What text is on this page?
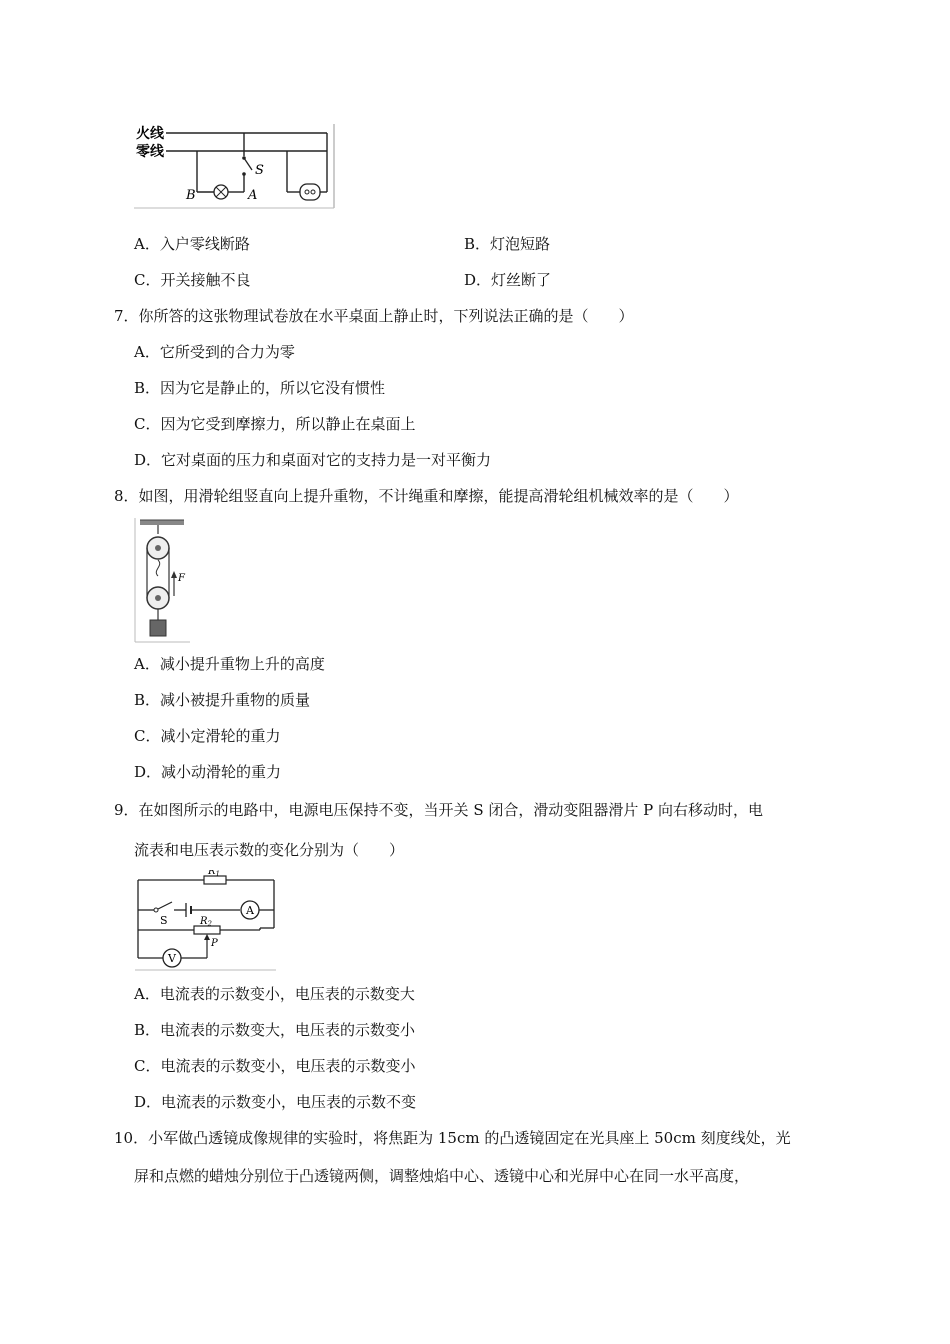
火线
零线
S
B	A
A．入户零线断路	B．灯泡短路
C．开关接触不良	D．灯丝断了
7．你所答的这张物理试卷放在水平桌面上静止时，下列说法正确的是（　　）
A．它所受到的合力为零
B．因为它是静止的，所以它没有惯性
C．因为它受到摩擦力，所以静止在桌面上
D．它对桌面的压力和桌面对它的支持力是一对平衡力
8．如图，用滑轮组竖直向上提升重物，不计绳重和摩擦，能提高滑轮组机械效率的是（　　）
F
A．减小提升重物上升的高度
B．减小被提升重物的质量
C．减小定滑轮的重力
D．减小动滑轮的重力
9．在如图所示的电路中，电源电压保持不变，当开关 S 闭合，滑动变阻器滑片 P 向右移动时，电
流表和电压表示数的变化分别为（　　）
$R_1$
S
A
$R_2$
P
V
A．电流表的示数变小，电压表的示数变大
B．电流表的示数变大，电压表的示数变小
C．电流表的示数变小，电压表的示数变小
D．电流表的示数变小，电压表的示数不变
10．小军做凸透镜成像规律的实验时，将焦距为 15cm 的凸透镜固定在光具座上 50cm 刻度线处，光
屏和点燃的蜡烛分别位于凸透镜两侧，调整烛焰中心、透镜中心和光屏中心在同一水平高度，
